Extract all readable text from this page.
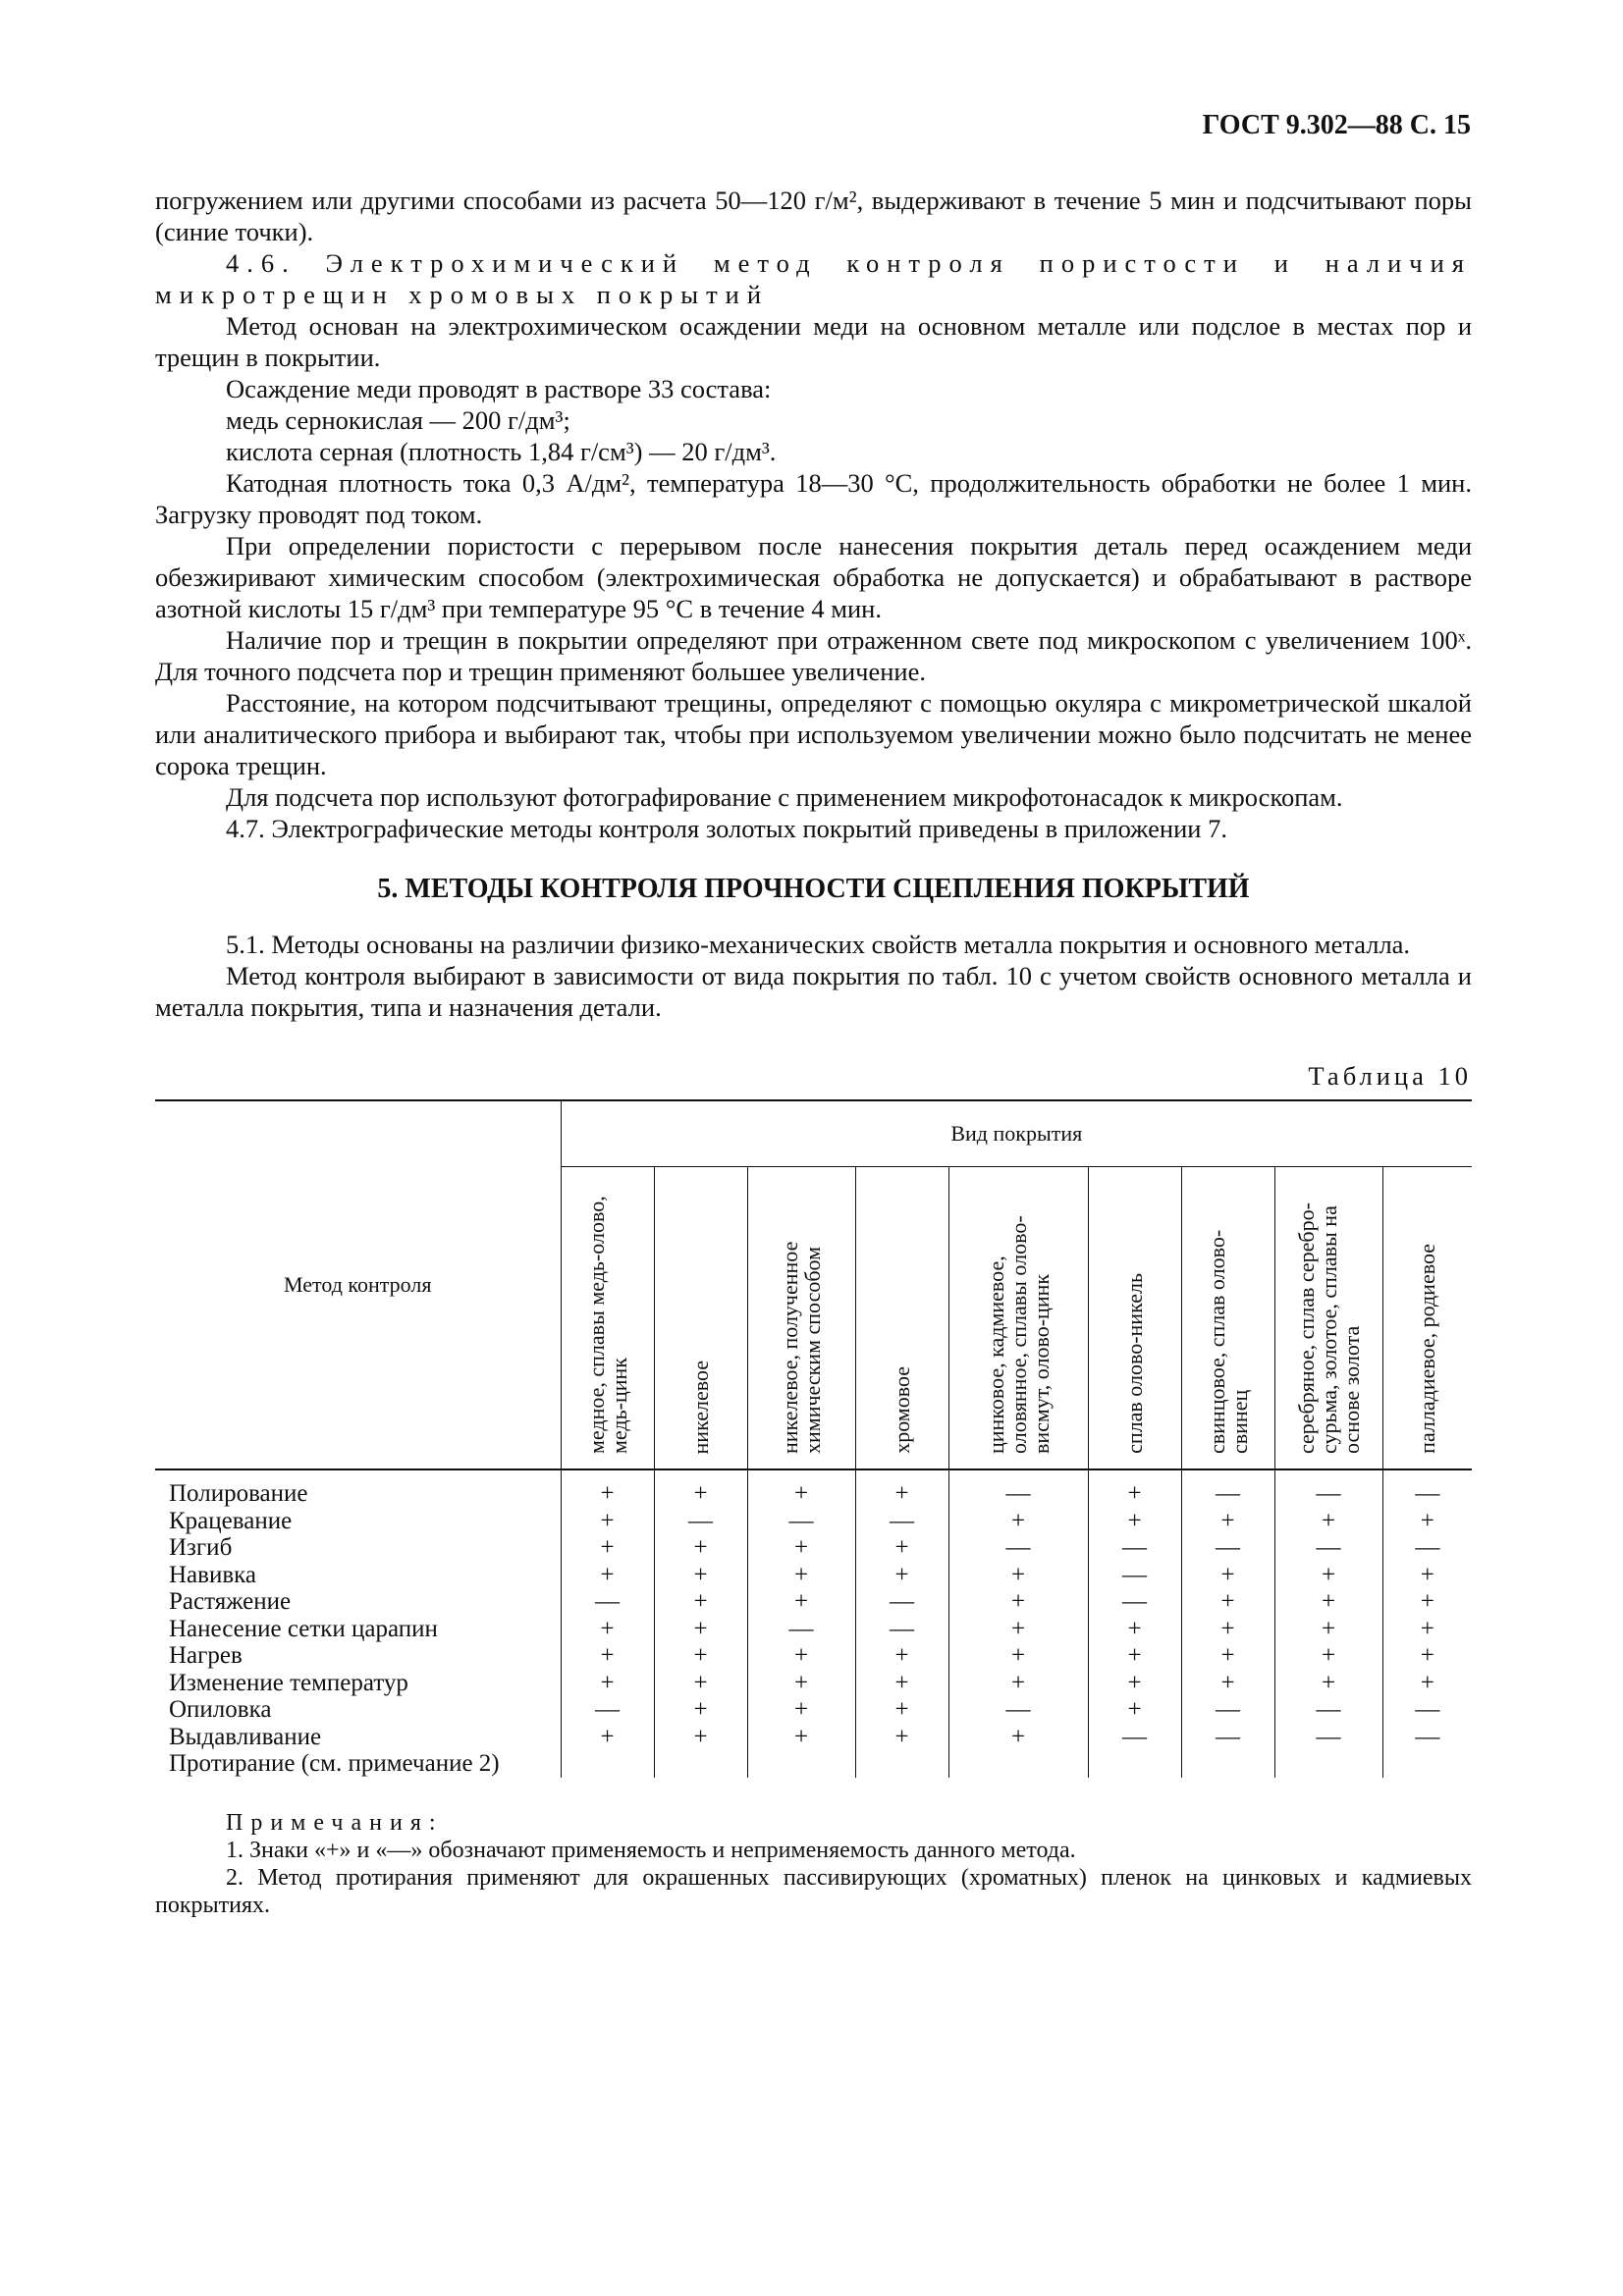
ГОСТ 9.302—88 С. 15

погружением или другими способами из расчета 50—120 г/м², выдерживают в течение 5 мин и подсчитывают поры (синие точки).

4.6. Электрохимический метод контроля пористости и наличия микротрещин хромовых покрытий

Метод основан на электрохимическом осаждении меди на основном металле или подслое в местах пор и трещин в покрытии.

Осаждение меди проводят в растворе 33 состава:

медь сернокислая — 200 г/дм³;

кислота серная (плотность 1,84 г/см³) — 20 г/дм³.

Катодная плотность тока 0,3 А/дм², температура 18—30 °С, продолжительность обработки не более 1 мин. Загрузку проводят под током.

При определении пористости с перерывом после нанесения покрытия деталь перед осаждением меди обезжиривают химическим способом (электрохимическая обработка не допускается) и обрабатывают в растворе азотной кислоты 15 г/дм³ при температуре 95 °С в течение 4 мин.

Наличие пор и трещин в покрытии определяют при отраженном свете под микроскопом с увеличением 100ˣ. Для точного подсчета пор и трещин применяют большее увеличение.

Расстояние, на котором подсчитывают трещины, определяют с помощью окуляра с микрометрической шкалой или аналитического прибора и выбирают так, чтобы при используемом увеличении можно было подсчитать не менее сорока трещин.

Для подсчета пор используют фотографирование с применением микрофотонасадок к микроскопам.

4.7. Электрографические методы контроля золотых покрытий приведены в приложении 7.

5. МЕТОДЫ КОНТРОЛЯ ПРОЧНОСТИ СЦЕПЛЕНИЯ ПОКРЫТИЙ

5.1. Методы основаны на различии физико-механических свойств металла покрытия и основного металла.

Метод контроля выбирают в зависимости от вида покрытия по табл. 10 с учетом свойств основного металла и металла покрытия, типа и назначения детали.

Таблица 10
Метод контроля	Вид покрытия								
	медное, сплавы медь-олово, медь-цинк	никелевое	никелевое, полученное химическим способом	хромовое	цинковое, кадмиевое, оловянное, сплавы олово-висмут, олово-цинк	сплав олово-никель	свинцовое, сплав олово-свинец	серебряное, сплав серебро-сурьма, золотое, сплавы на основе золота	палладиевое, родиевое
Полирование	+	+	+	+	—	+	—	—	—
Крацевание	+	—	—	—	+	+	+	+	+
Изгиб	+	+	+	+	—	—	—	—	—
Навивка	+	+	+	+	+	—	+	+	+
Растяжение	—	+	+	—	+	—	+	+	+
Нанесение сетки царапин	+	+	—	—	+	+	+	+	+
Нагрев	+	+	+	+	+	+	+	+	+
Изменение температур	+	+	+	+	+	+	+	+	+
Опиловка	—	+	+	+	—	+	—	—	—
Выдавливание	+	+	+	+	+	—	—	—	—
Протирание (см. примечание 2)									

Примечания:

1. Знаки «+» и «—» обозначают применяемость и неприменяемость данного метода.

2. Метод протирания применяют для окрашенных пассивирующих (хроматных) пленок на цинковых и кадмиевых покрытиях.
